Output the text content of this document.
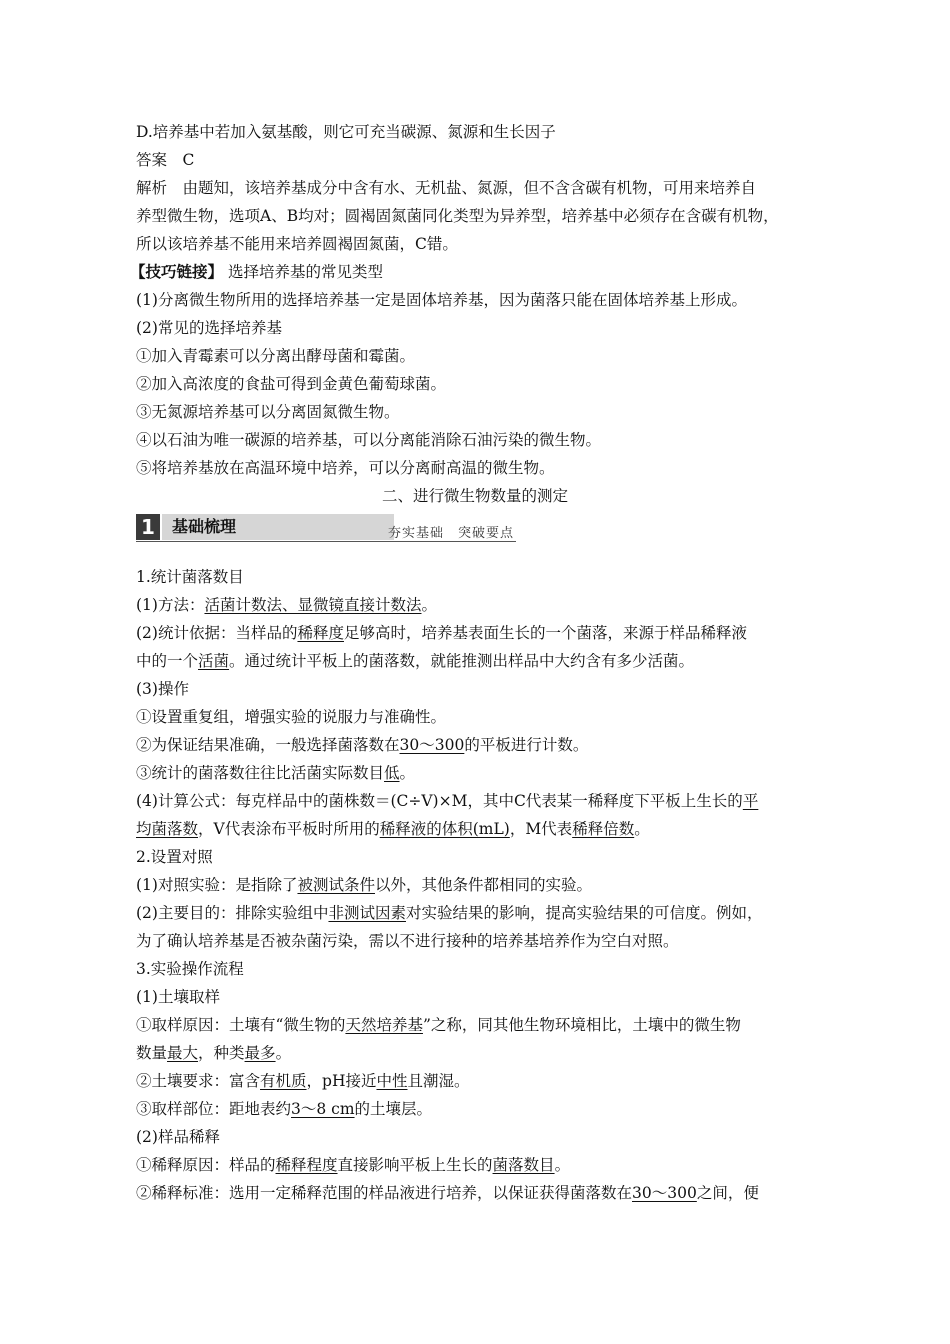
D.培养基中若加入氨基酸，则它可充当碳源、氮源和生长因子
答案　C
解析　由题知，该培养基成分中含有水、无机盐、氮源，但不含含碳有机物，可用来培养自
养型微生物，选项A、B均对；圆褐固氮菌同化类型为异养型，培养基中必须存在含碳有机物，
所以该培养基不能用来培养圆褐固氮菌，C错。
【技巧链接】 选择培养基的常见类型
(1)分离微生物所用的选择培养基一定是固体培养基，因为菌落只能在固体培养基上形成。
(2)常见的选择培养基
①加入青霉素可以分离出酵母菌和霉菌。
②加入高浓度的食盐可得到金黄色葡萄球菌。
③无氮源培养基可以分离固氮微生物。
④以石油为唯一碳源的培养基，可以分离能消除石油污染的微生物。
⑤将培养基放在高温环境中培养，可以分离耐高温的微生物。
二、进行微生物数量的测定
1	基础梳理	夯实基础　突破要点
1.统计菌落数目
(1)方法：活菌计数法、显微镜直接计数法。
(2)统计依据：当样品的稀释度足够高时，培养基表面生长的一个菌落，来源于样品稀释液
中的一个活菌。通过统计平板上的菌落数，就能推测出样品中大约含有多少活菌。
(3)操作
①设置重复组，增强实验的说服力与准确性。
②为保证结果准确，一般选择菌落数在30～300的平板进行计数。
③统计的菌落数往往比活菌实际数目低。
(4)计算公式：每克样品中的菌株数＝(C÷V)×M，其中C代表某一稀释度下平板上生长的平
均菌落数，V代表涂布平板时所用的稀释液的体积(mL)，M代表稀释倍数。
2.设置对照
(1)对照实验：是指除了被测试条件以外，其他条件都相同的实验。
(2)主要目的：排除实验组中非测试因素对实验结果的影响，提高实验结果的可信度。例如，
为了确认培养基是否被杂菌污染，需以不进行接种的培养基培养作为空白对照。
3.实验操作流程
(1)土壤取样
①取样原因：土壤有“微生物的天然培养基”之称，同其他生物环境相比，土壤中的微生物
数量最大，种类最多。
②土壤要求：富含有机质，pH接近中性且潮湿。
③取样部位：距地表约3～8 cm的土壤层。
(2)样品稀释
①稀释原因：样品的稀释程度直接影响平板上生长的菌落数目。
②稀释标准：选用一定稀释范围的样品液进行培养，以保证获得菌落数在30～300之间，便
